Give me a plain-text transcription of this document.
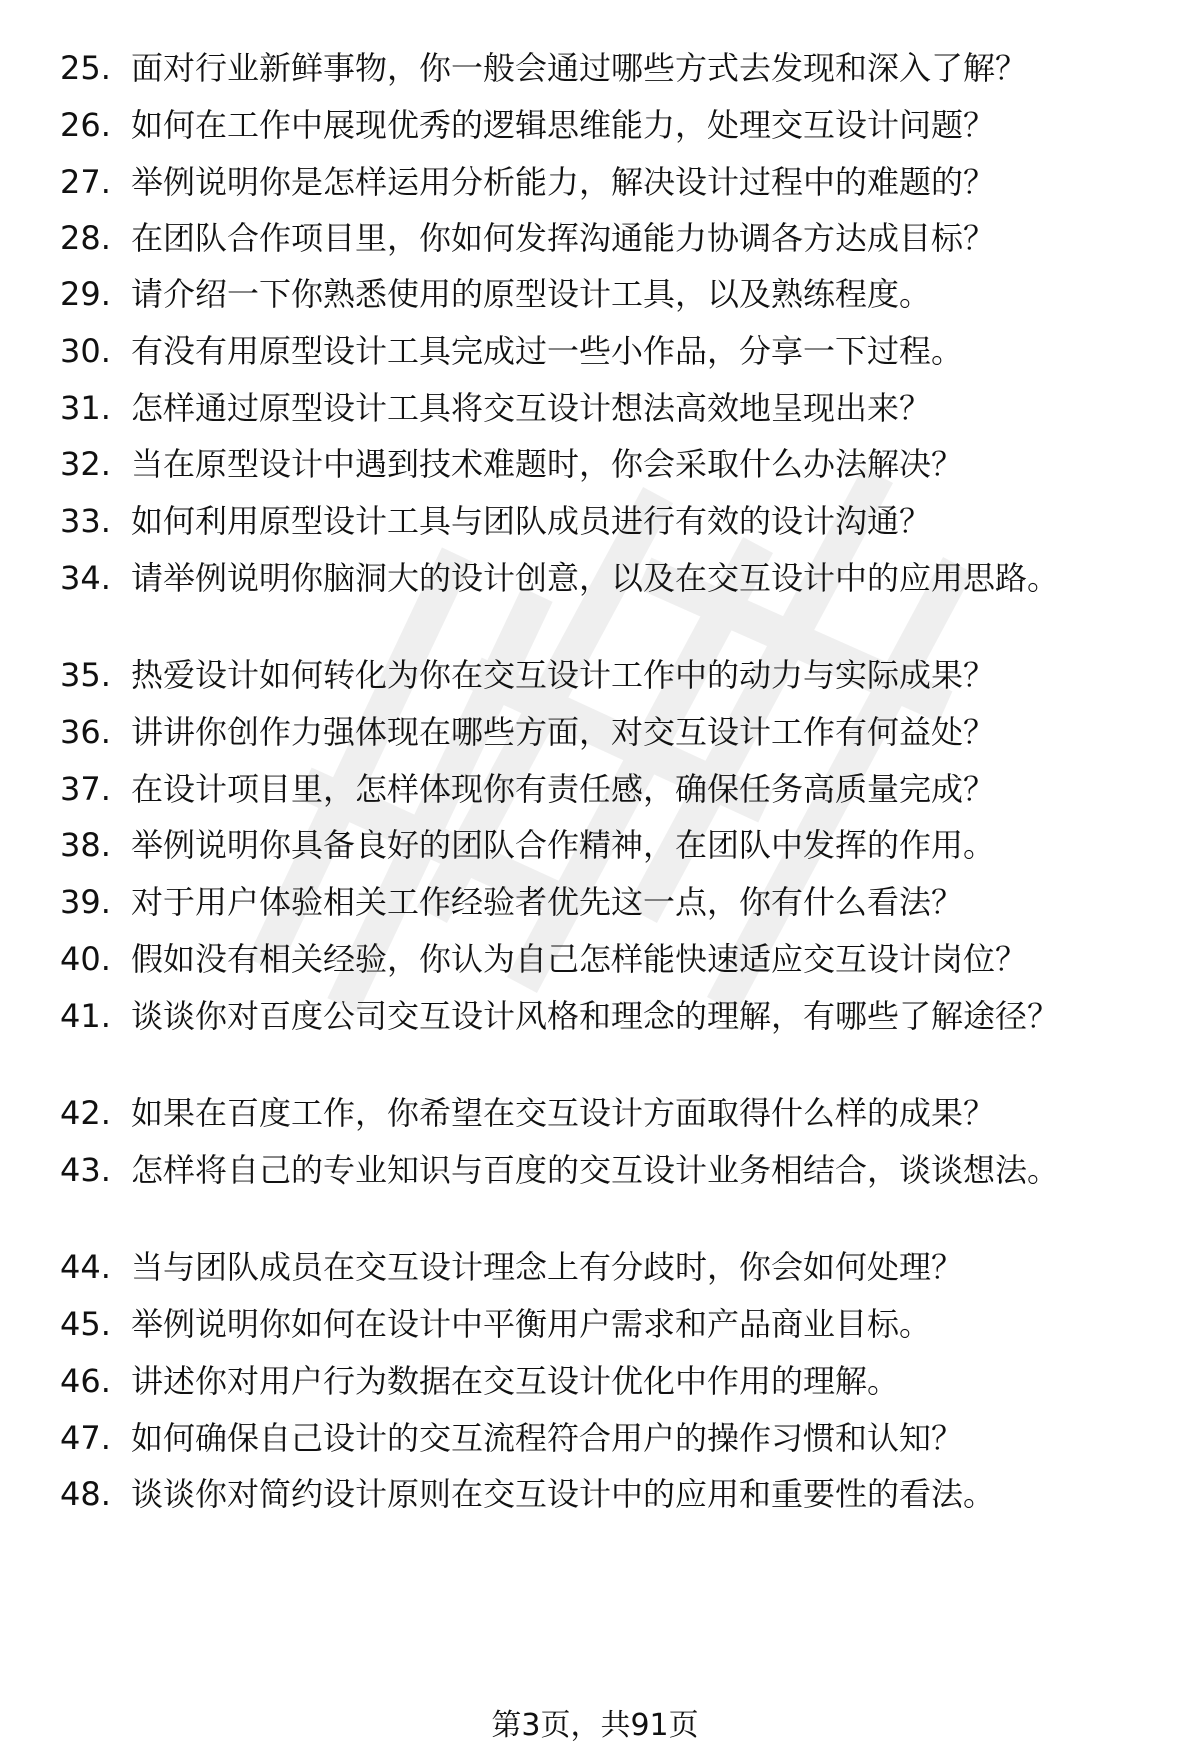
25. 面对行业新鲜事物，你一般会通过哪些方式去发现和深入了解？
26. 如何在工作中展现优秀的逻辑思维能力，处理交互设计问题？
27. 举例说明你是怎样运用分析能力，解决设计过程中的难题的？
28. 在团队合作项目里，你如何发挥沟通能力协调各方达成目标？
29. 请介绍一下你熟悉使用的原型设计工具，以及熟练程度。
30. 有没有用原型设计工具完成过一些小作品，分享一下过程。
31. 怎样通过原型设计工具将交互设计想法高效地呈现出来？
32. 当在原型设计中遇到技术难题时，你会采取什么办法解决？
33. 如何利用原型设计工具与团队成员进行有效的设计沟通？
34. 请举例说明你脑洞大的设计创意，以及在交互设计中的应用思路。
35. 热爱设计如何转化为你在交互设计工作中的动力与实际成果？
36. 讲讲你创作力强体现在哪些方面，对交互设计工作有何益处？
37. 在设计项目里，怎样体现你有责任感，确保任务高质量完成？
38. 举例说明你具备良好的团队合作精神，在团队中发挥的作用。
39. 对于用户体验相关工作经验者优先这一点，你有什么看法？
40. 假如没有相关经验，你认为自己怎样能快速适应交互设计岗位？
41. 谈谈你对百度公司交互设计风格和理念的理解，有哪些了解途径？
42. 如果在百度工作，你希望在交互设计方面取得什么样的成果？
43. 怎样将自己的专业知识与百度的交互设计业务相结合，谈谈想法。
44. 当与团队成员在交互设计理念上有分歧时，你会如何处理？
45. 举例说明你如何在设计中平衡用户需求和产品商业目标。
46. 讲述你对用户行为数据在交互设计优化中作用的理解。
47. 如何确保自己设计的交互流程符合用户的操作习惯和认知？
48. 谈谈你对简约设计原则在交互设计中的应用和重要性的看法。
第3页，共91页
